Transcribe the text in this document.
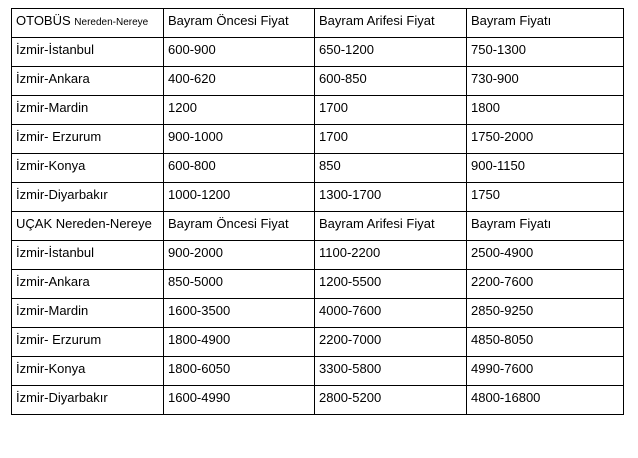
OTOBÜS Nereden-Nereye	Bayram Öncesi Fiyat	Bayram Arifesi Fiyat	Bayram Fiyatı
İzmir-İstanbul	600-900	650-1200	750-1300
İzmir-Ankara	400-620	600-850	730-900
İzmir-Mardin	1200	1700	1800
İzmir- Erzurum	900-1000	1700	1750-2000
İzmir-Konya	600-800	850	900-1150
İzmir-Diyarbakır	1000-1200	1300-1700	1750
UÇAK Nereden-Nereye	Bayram Öncesi Fiyat	Bayram Arifesi Fiyat	Bayram Fiyatı
İzmir-İstanbul	900-2000	1100-2200	2500-4900
İzmir-Ankara	850-5000	1200-5500	2200-7600
İzmir-Mardin	1600-3500	4000-7600	2850-9250
İzmir- Erzurum	1800-4900	2200-7000	4850-8050
İzmir-Konya	1800-6050	3300-5800	4990-7600
İzmir-Diyarbakır	1600-4990	2800-5200	4800-16800
